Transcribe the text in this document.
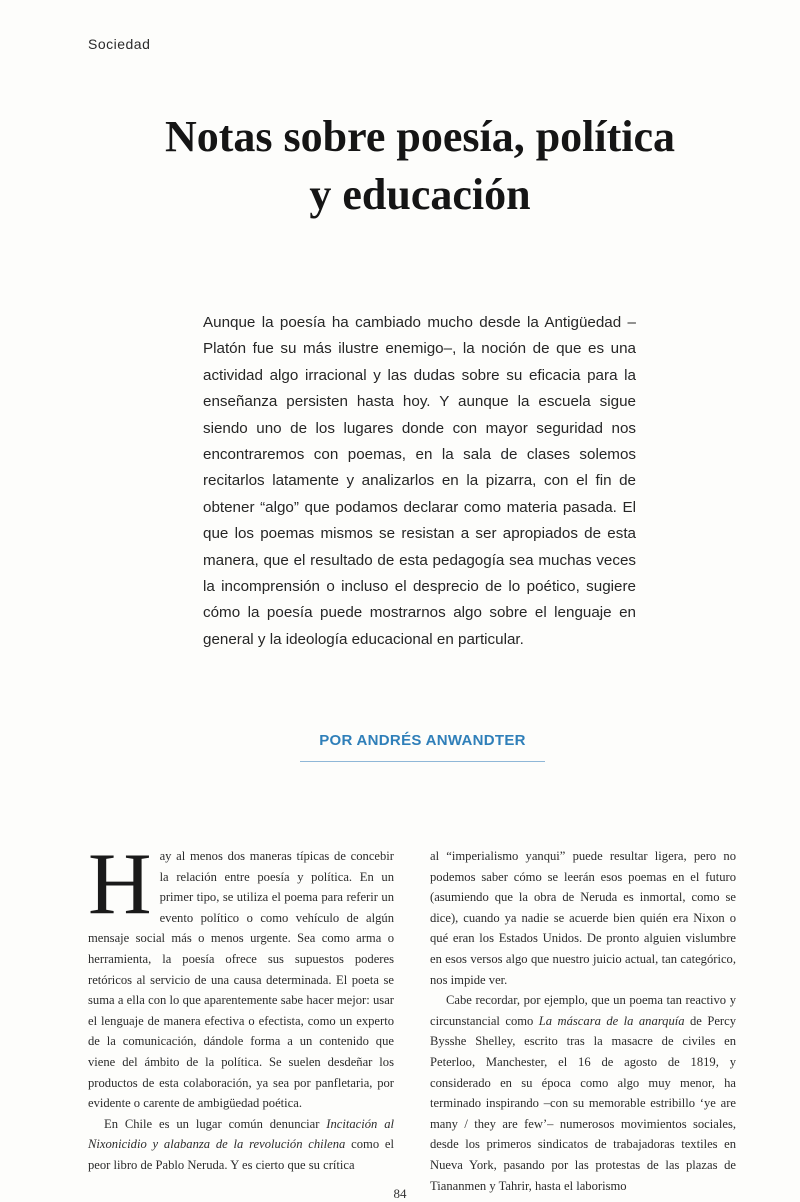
Sociedad
Notas sobre poesía, política y educación

Aunque la poesía ha cambiado mucho desde la Antigüedad –Platón fue su más ilustre enemigo–, la noción de que es una actividad algo irracional y las dudas sobre su eficacia para la enseñanza persisten hasta hoy. Y aunque la escuela sigue siendo uno de los lugares donde con mayor seguridad nos encontraremos con poemas, en la sala de clases solemos recitarlos latamente y analizarlos en la pizarra, con el fin de obtener “algo” que podamos declarar como materia pasada. El que los poemas mismos se resistan a ser apropiados de esta manera, que el resultado de esta pedagogía sea muchas veces la incomprensión o incluso el desprecio de lo poético, sugiere cómo la poesía puede mostrarnos algo sobre el lenguaje en general y la ideología educacional en particular.

POR ANDRÉS ANWANDTER

Hay al menos dos maneras típicas de concebir la relación entre poesía y política. En un primer tipo, se utiliza el poema para referir un evento político o como vehículo de algún mensaje social más o menos urgente. Sea como arma o herramienta, la poesía ofrece sus supuestos poderes retóricos al servicio de una causa determinada. El poeta se suma a ella con lo que aparentemente sabe hacer mejor: usar el lenguaje de manera efectiva o efectista, como un experto de la comunicación, dándole forma a un contenido que viene del ámbito de la política. Se suelen desdeñar los productos de esta colaboración, ya sea por panfletaria, por evidente o carente de ambigüedad poética.

En Chile es un lugar común denunciar Incitación al Nixonicidio y alabanza de la revolución chilena como el peor libro de Pablo Neruda. Y es cierto que su crítica

al “imperialismo yanqui” puede resultar ligera, pero no podemos saber cómo se leerán esos poemas en el futuro (asumiendo que la obra de Neruda es inmortal, como se dice), cuando ya nadie se acuerde bien quién era Nixon o qué eran los Estados Unidos. De pronto alguien vislumbre en esos versos algo que nuestro juicio actual, tan categórico, nos impide ver.

Cabe recordar, por ejemplo, que un poema tan reactivo y circunstancial como La máscara de la anarquía de Percy Bysshe Shelley, escrito tras la masacre de civiles en Peterloo, Manchester, el 16 de agosto de 1819, y considerado en su época como algo muy menor, ha terminado inspirando –con su memorable estribillo ‘ye are many / they are few’– numerosos movimientos sociales, desde los primeros sindicatos de trabajadoras textiles en Nueva York, pasando por las protestas de las plazas de Tiananmen y Tahrir, hasta el laborismo

84
